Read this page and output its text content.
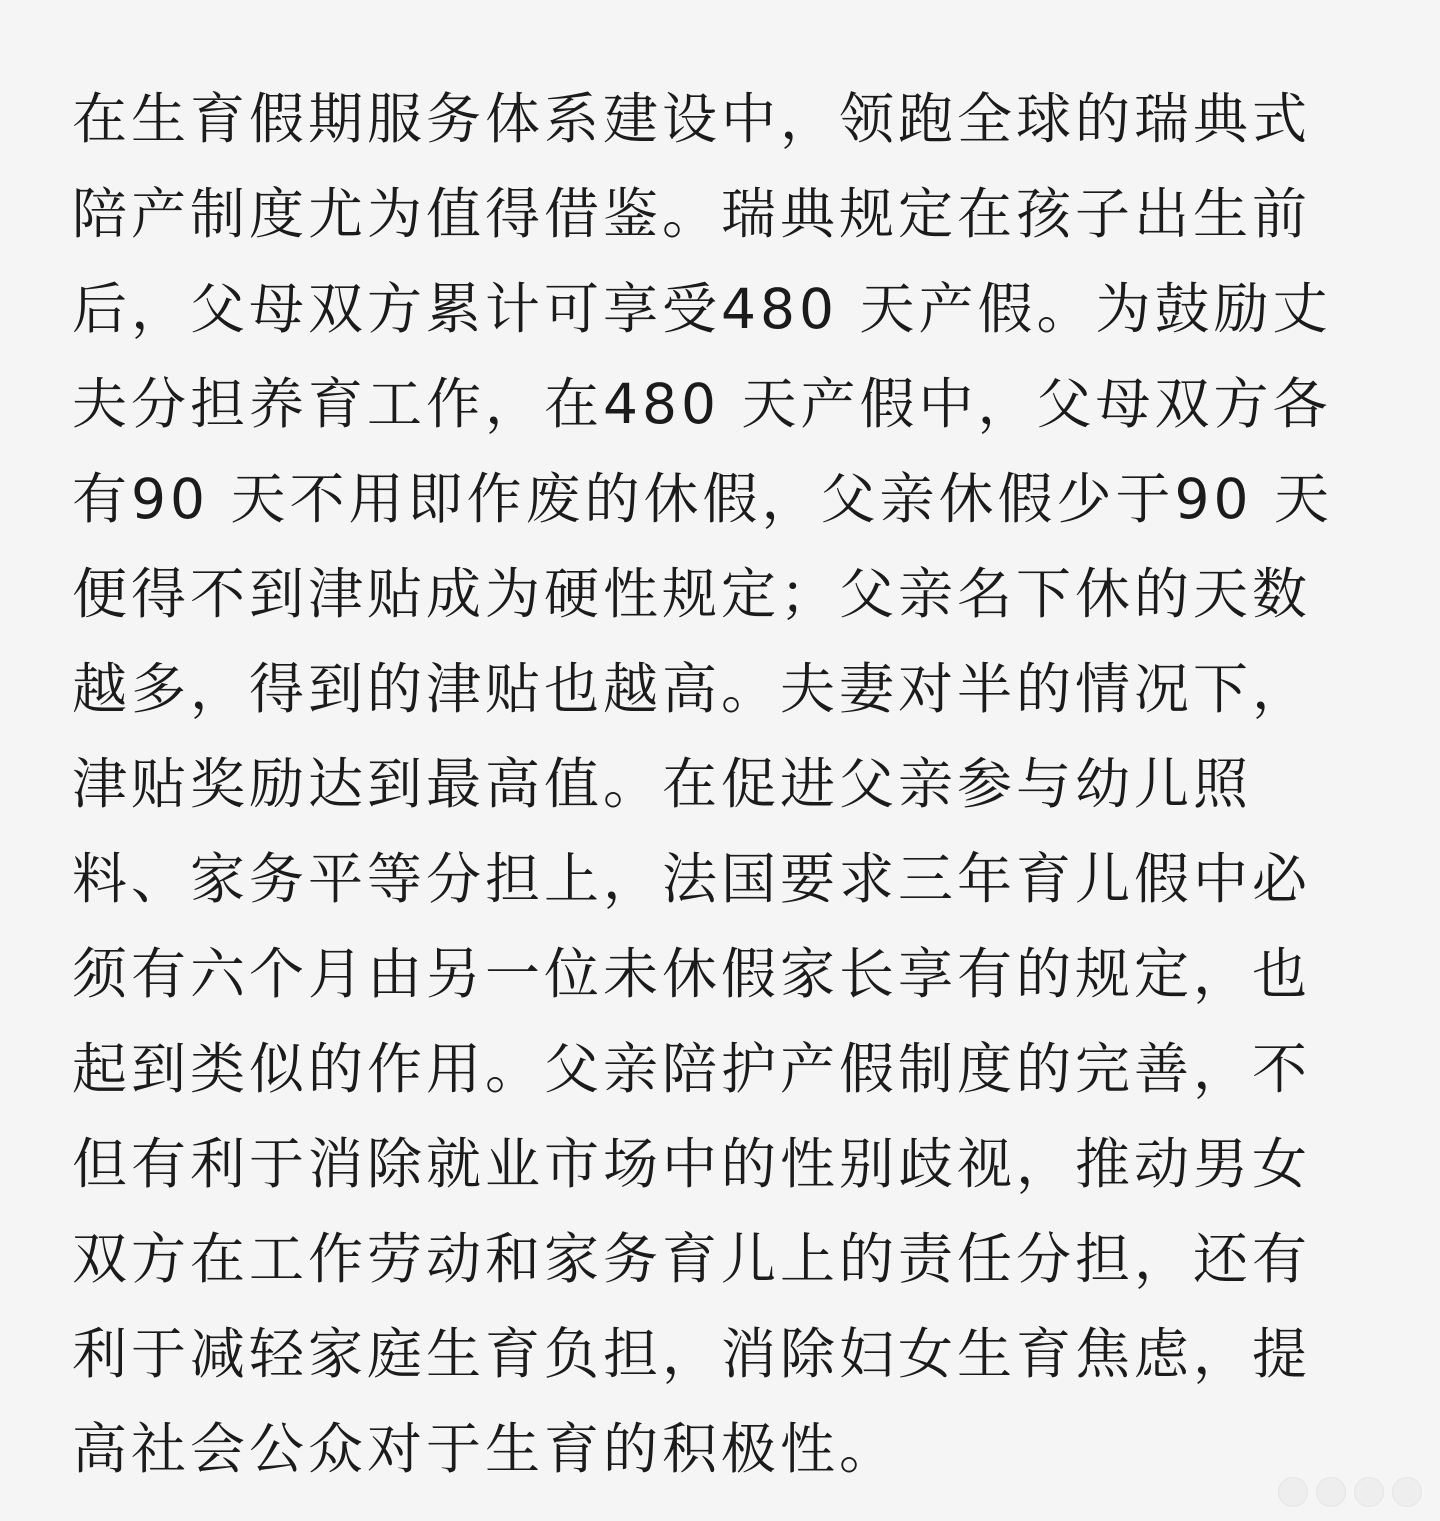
在生育假期服务体系建设中，领跑全球的瑞典式
陪产制度尤为值得借鉴。瑞典规定在孩子出生前
后，父母双方累计可享受480 天产假。为鼓励丈
夫分担养育工作，在480 天产假中，父母双方各
有90 天不用即作废的休假，父亲休假少于90 天
便得不到津贴成为硬性规定；父亲名下休的天数
越多，得到的津贴也越高。夫妻对半的情况下，
津贴奖励达到最高值。在促进父亲参与幼儿照
料、家务平等分担上，法国要求三年育儿假中必
须有六个月由另一位未休假家长享有的规定，也
起到类似的作用。父亲陪护产假制度的完善，不
但有利于消除就业市场中的性别歧视，推动男女
双方在工作劳动和家务育儿上的责任分担，还有
利于减轻家庭生育负担，消除妇女生育焦虑，提
高社会公众对于生育的积极性。
